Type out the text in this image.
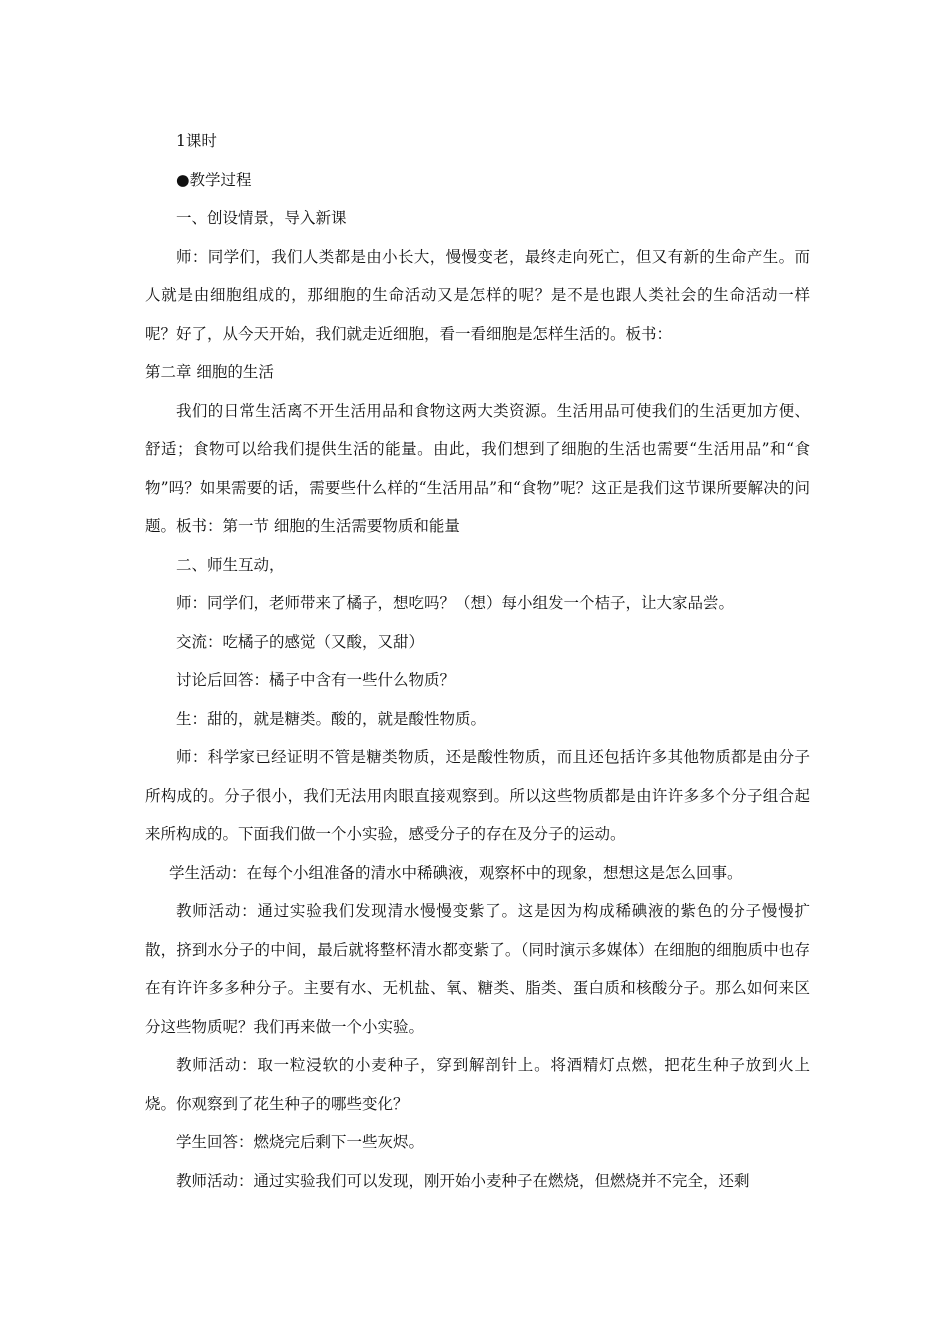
1课时

●教学过程

一、创设情景，导入新课

师：同学们，我们人类都是由小长大，慢慢变老，最终走向死亡，但又有新的生命产生。而人就是由细胞组成的，那细胞的生命活动又是怎样的呢？是不是也跟人类社会的生命活动一样呢？好了，从今天开始，我们就走近细胞，看一看细胞是怎样生活的。板书：

第二章 细胞的生活

我们的日常生活离不开生活用品和食物这两大类资源。生活用品可使我们的生活更加方便、舒适；食物可以给我们提供生活的能量。由此，我们想到了细胞的生活也需要“生活用品”和“食物”吗？如果需要的话，需要些什么样的“生活用品”和“食物”呢？这正是我们这节课所要解决的问题。板书：第一节 细胞的生活需要物质和能量

二、师生互动，

师：同学们，老师带来了橘子，想吃吗？（想）每小组发一个桔子，让大家品尝。

交流：吃橘子的感觉（又酸，又甜）

讨论后回答：橘子中含有一些什么物质？

生：甜的，就是糖类。酸的，就是酸性物质。

师：科学家已经证明不管是糖类物质，还是酸性物质，而且还包括许多其他物质都是由分子所构成的。分子很小，我们无法用肉眼直接观察到。所以这些物质都是由许许多多个分子组合起来所构成的。下面我们做一个小实验，感受分子的存在及分子的运动。

学生活动：在每个小组准备的清水中稀碘液，观察杯中的现象，想想这是怎么回事。

教师活动：通过实验我们发现清水慢慢变紫了。这是因为构成稀碘液的紫色的分子慢慢扩散，挤到水分子的中间，最后就将整杯清水都变紫了。（同时演示多媒体）在细胞的细胞质中也存在有许许多多种分子。主要有水、无机盐、氧、糖类、脂类、蛋白质和核酸分子。那么如何来区分这些物质呢？我们再来做一个小实验。

教师活动：取一粒浸软的小麦种子，穿到解剖针上。将酒精灯点燃，把花生种子放到火上烧。你观察到了花生种子的哪些变化？

学生回答：燃烧完后剩下一些灰烬。

教师活动：通过实验我们可以发现，刚开始小麦种子在燃烧，但燃烧并不完全，还剩
